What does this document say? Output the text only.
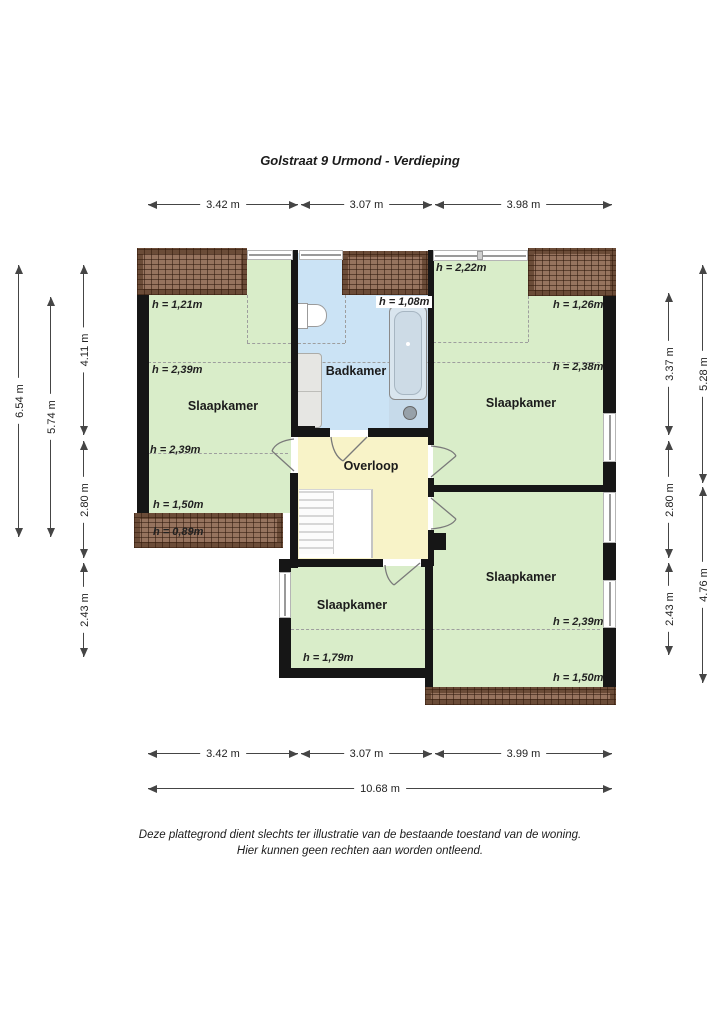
Golstraat 9 Urmond - Verdieping
Slaapkamer
Badkamer
Slaapkamer
Overloop
Slaapkamer
Slaapkamer
h = 1,21m
h = 2,39m
h = 2,39m
h = 1,50m
h = 0,89m
h = 1,08m
h = 2,22m
h = 1,26m
h = 2,38m
h = 2,39m
h = 1,50m
h = 1,79m
3.42 m	3.07 m	3.98 m
3.42 m	3.07 m	3.99 m
10.68 m
6.54 m 5.74 m
4.11 m
2.80 m
2.43 m
3.37 m 5.28 m
2.80 m
2.43 m
4.76 m
Deze plattegrond dient slechts ter illustratie van de bestaande toestand van de woning.
Hier kunnen geen rechten aan worden ontleend.
